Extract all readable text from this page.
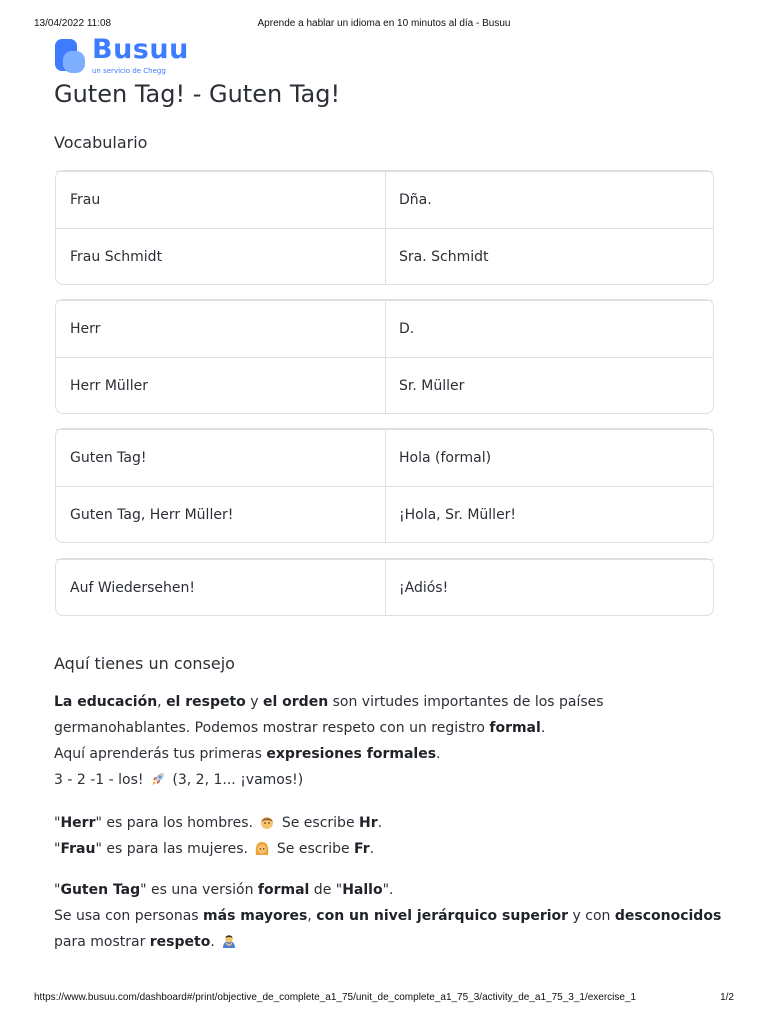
13/04/2022 11:08	Aprende a hablar un idioma en 10 minutos al día - Busuu
Busuu
un servicio de Chegg
Guten Tag! - Guten Tag!
Vocabulario
Frau	Dña.
Frau Schmidt	Sra. Schmidt
Herr	D.
Herr Müller	Sr. Müller
Guten Tag!	Hola (formal)
Guten Tag, Herr Müller!	¡Hola, Sr. Müller!
Auf Wiedersehen!	¡Adiós!
Aquí tienes un consejo

La educación, el respeto y el orden son virtudes importantes de los países

germanohablantes. Podemos mostrar respeto con un registro formal.

Aquí aprenderás tus primeras expresiones formales.

3 - 2 -1 - los!  (3, 2, 1... ¡vamos!)

"Herr" es para los hombres.  Se escribe Hr.

"Frau" es para las mujeres.  Se escribe Fr.

"Guten Tag" es una versión formal de "Hallo".

Se usa con personas más mayores, con un nivel jerárquico superior y con desconocidos

para mostrar respeto.

https://www.busuu.com/dashboard#/print/objective_de_complete_a1_75/unit_de_complete_a1_75_3/activity_de_a1_75_3_1/exercise_1	1/2
